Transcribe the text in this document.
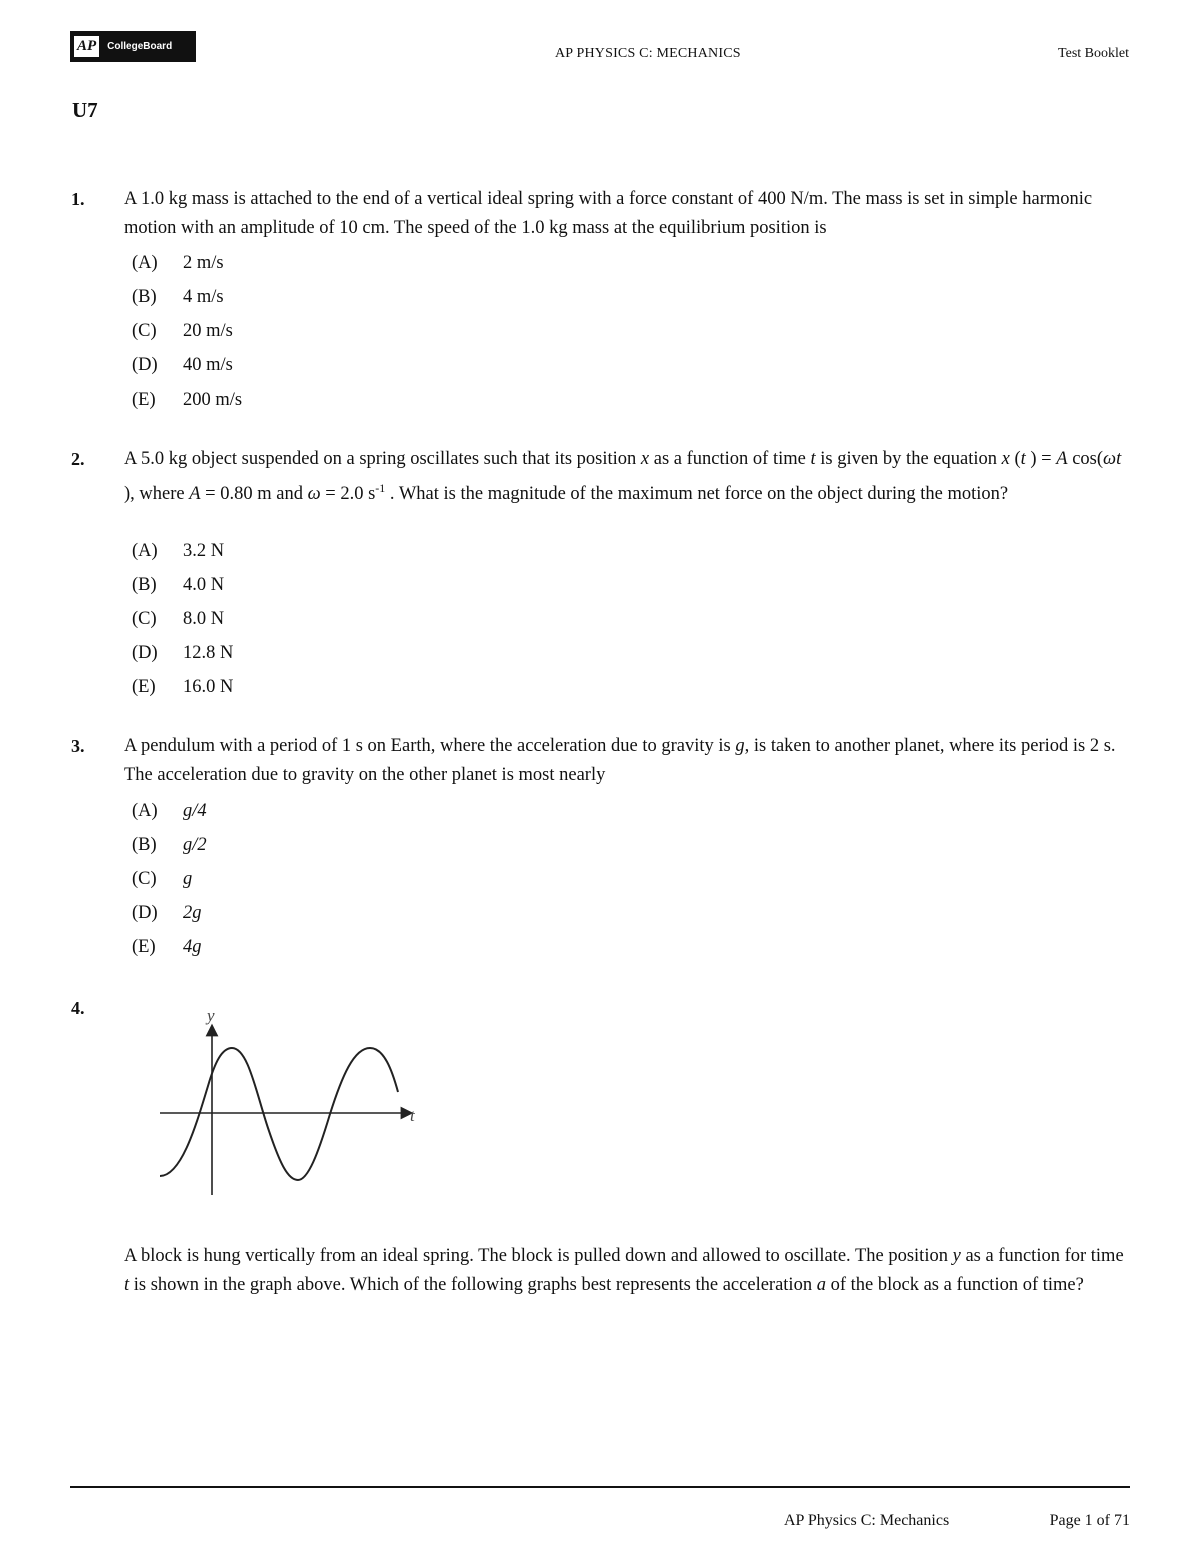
AP	CollegeBoard	AP PHYSICS C: MECHANICS	Test Booklet
U7
1. A 1.0 kg mass is attached to the end of a vertical ideal spring with a force constant of 400 N/m. The mass is set in simple harmonic motion with an amplitude of 10 cm. The speed of the 1.0 kg mass at the equilibrium position is
(A)	2 m/s
(B)	4 m/s
(C)	20 m/s
(D)	40 m/s
(E)	200 m/s
2. A 5.0 kg object suspended on a spring oscillates such that its position x as a function of time t is given by the equation x (t ) = A cos(ωt ), where A = 0.80 m and ω = 2.0 $s^{-1}$ . What is the magnitude of the maximum net force on the object during the motion?
(A)	3.2 N
(B)	4.0 N
(C)	8.0 N
(D)	12.8 N
(E)	16.0 N
3. A pendulum with a period of 1 s on Earth, where the acceleration due to gravity is g, is taken to another planet, where its period is 2 s. The acceleration due to gravity on the other planet is most nearly
(A)	g/4
(B)	g/2
(C)	g
(D)	2g
(E)	4g
4.	y
t
A block is hung vertically from an ideal spring. The block is pulled down and allowed to oscillate. The position y as a function for time t is shown in the graph above. Which of the following graphs best represents the acceleration a of the block as a function of time?
AP Physics C: Mechanics	Page 1 of 71
